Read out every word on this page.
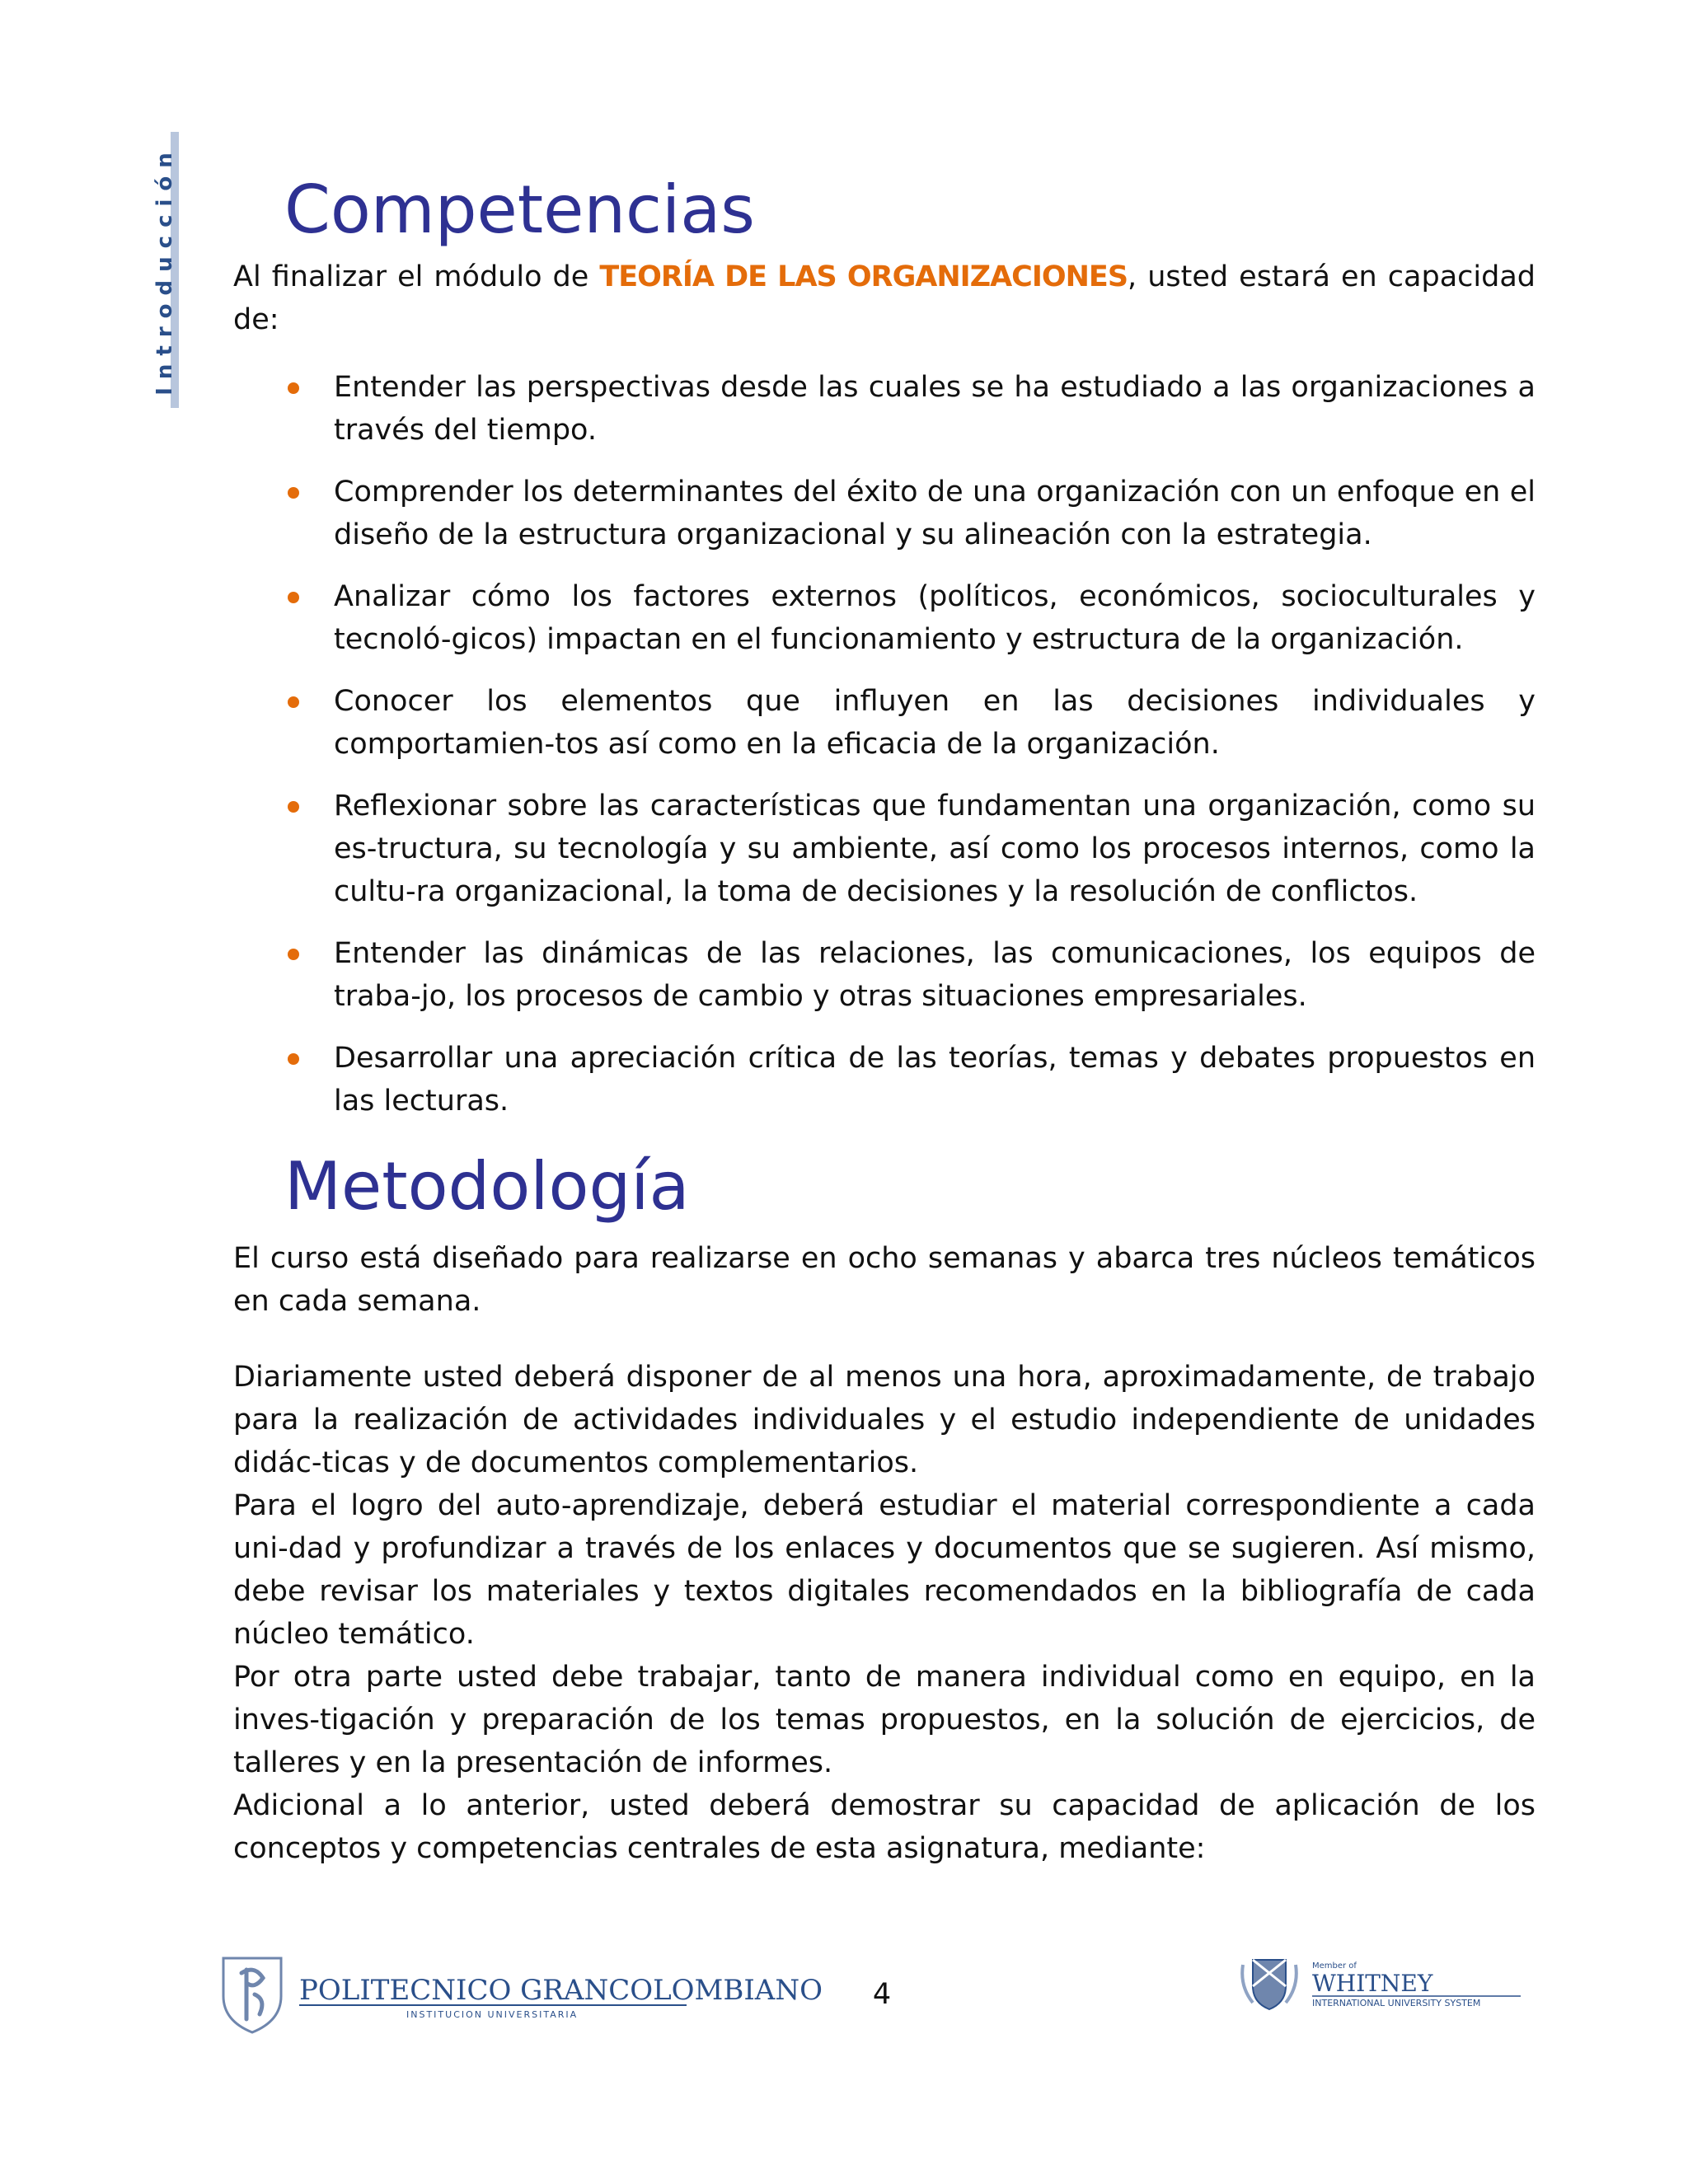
Introducción Competencias

Al finalizar el módulo de TEORÍA DE LAS ORGANIZACIONES, usted estará en capacidad de:

Entender las perspectivas desde las cuales se ha estudiado a las organizaciones a través del tiempo.
Comprender los determinantes del éxito de una organización con un enfoque en el diseño de la estructura organizacional y su alineación con la estrategia.
Analizar cómo los factores externos (políticos, económicos, socioculturales y tecnoló-gicos) impactan en el funcionamiento y estructura de la organización.
Conocer los elementos que influyen en las decisiones individuales y comportamien-tos así como en la eficacia de la organización.
Reflexionar sobre las características que fundamentan una organización, como su es-tructura, su tecnología y su ambiente, así como los procesos internos, como la cultu-ra organizacional, la toma de decisiones y la resolución de conflictos.
Entender las dinámicas de las relaciones, las comunicaciones, los equipos de traba-jo, los procesos de cambio y otras situaciones empresariales.
Desarrollar una apreciación crítica de las teorías, temas y debates propuestos en las lecturas.
Metodología

El curso está diseñado para realizarse en ocho semanas y abarca tres núcleos temáticos en cada semana.

Diariamente usted deberá disponer de al menos una hora, aproximadamente, de trabajo para la realización de actividades individuales y el estudio independiente de unidades didác-ticas y de documentos complementarios.

Para el logro del auto-aprendizaje, deberá estudiar el material correspondiente a cada uni-dad y profundizar a través de los enlaces y documentos que se sugieren. Así mismo, debe revisar los materiales y textos digitales recomendados en la bibliografía de cada núcleo temático.

Por otra parte usted debe trabajar, tanto de manera individual como en equipo, en la inves-tigación y preparación de los temas propuestos, en la solución de ejercicios, de talleres y en la presentación de informes.

Adicional a lo anterior, usted deberá demostrar su capacidad de aplicación de los conceptos y competencias centrales de esta asignatura, mediante:

POLITECNICO GRANCOLOMBIANO
INSTITUCION UNIVERSITARIA
4
Member of
WHITNEY
INTERNATIONAL UNIVERSITY SYSTEM
